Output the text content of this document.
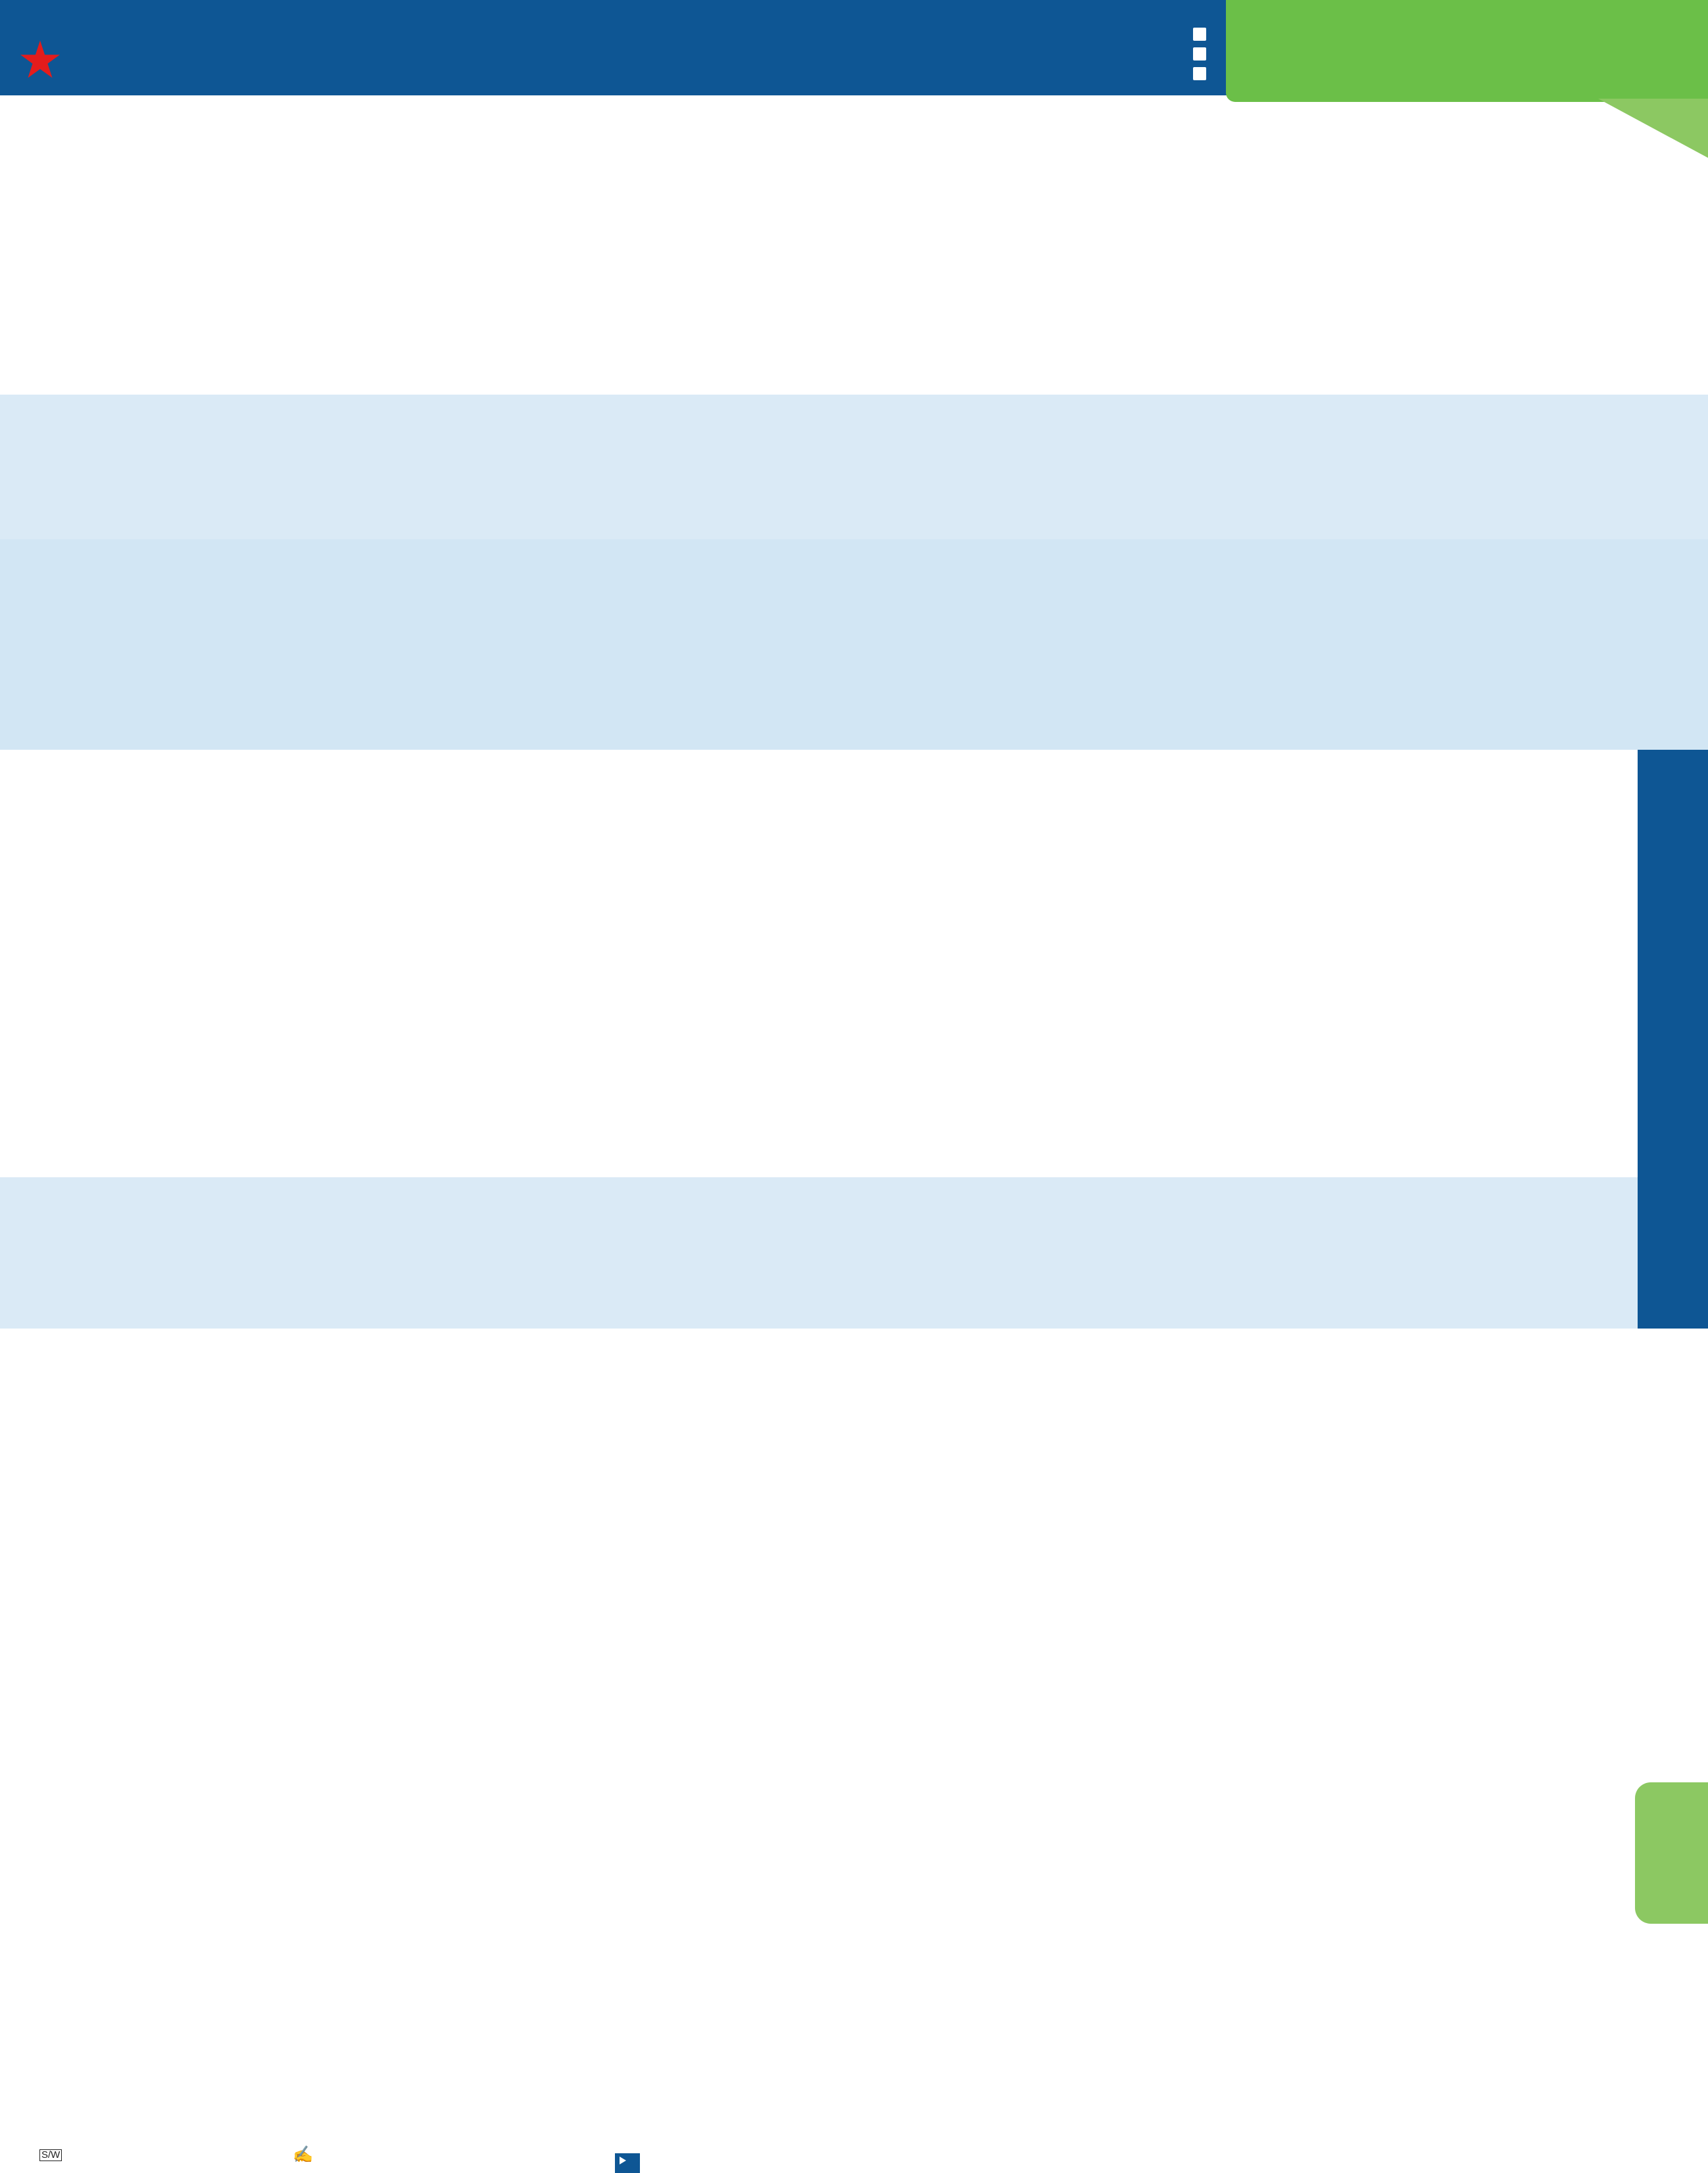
★
S/W	✍
